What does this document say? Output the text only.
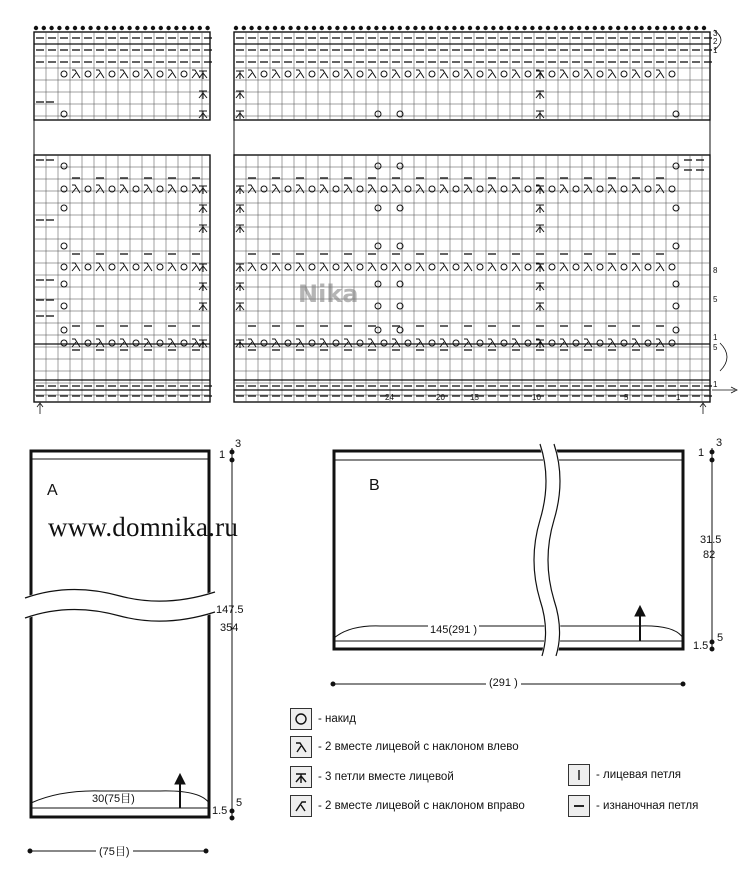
3
2
1
8
5
1
5
1
24	20	15	10	5	1
Nika
www.domnika.ru
A
3
1
147.5
354
1.5
5
30(75目)
(75目)
B
3
1
31.5
82
1.5
5
145(291 )
(291 )
- накид
- 2 вместе лицевой с наклоном влево
- 3 петли вместе лицевой
- 2 вместе лицевой с наклоном вправо
- лицевая петля
- изнаночная петля
